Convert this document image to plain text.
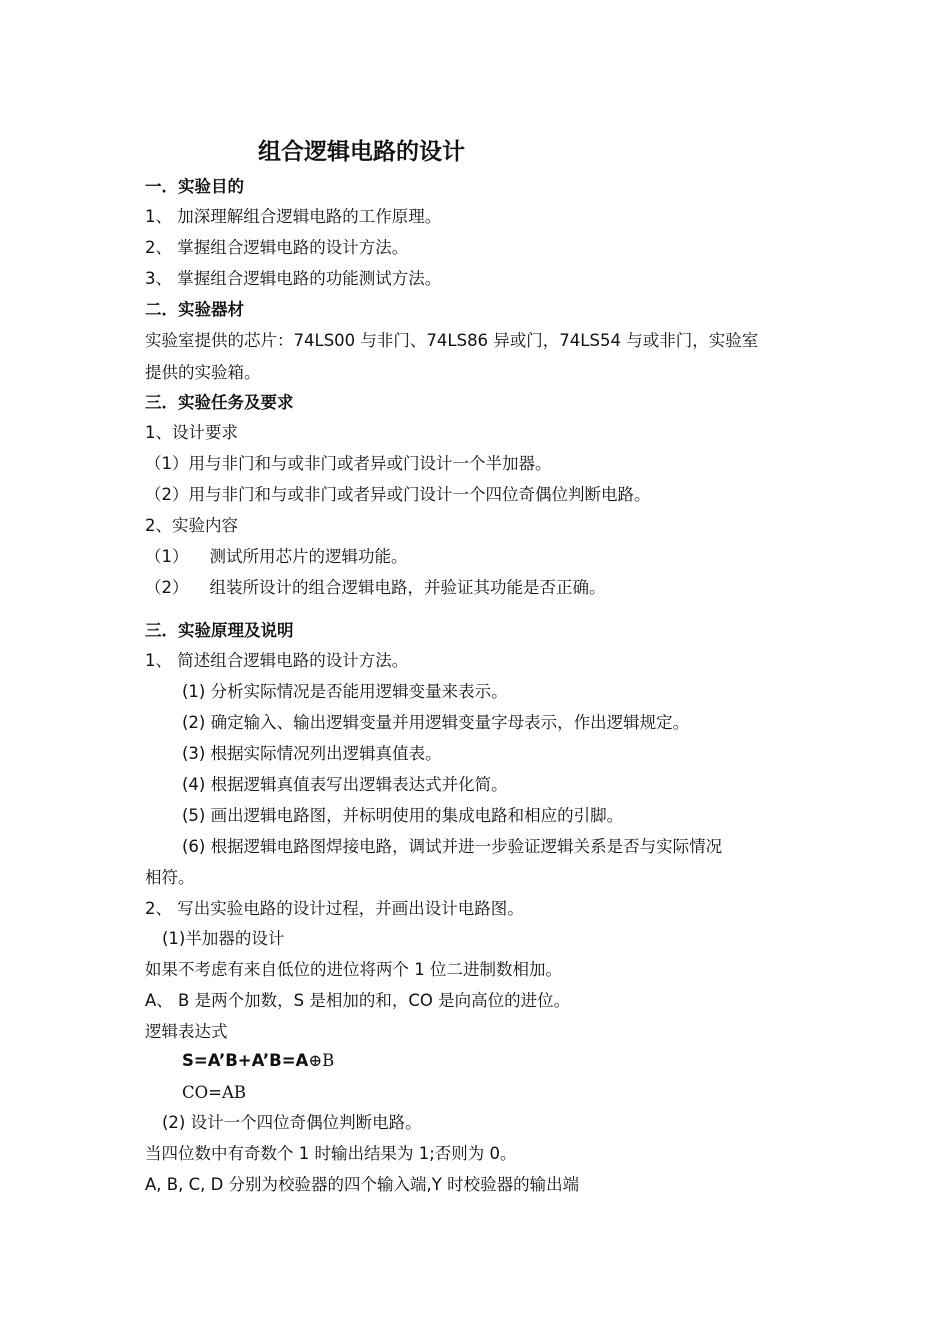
组合逻辑电路的设计
一．实验目的
1、 加深理解组合逻辑电路的工作原理。
2、 掌握组合逻辑电路的设计方法。
3、 掌握组合逻辑电路的功能测试方法。
二．实验器材
实验室提供的芯片：74LS00 与非门、74LS86 异或门，74LS54 与或非门，实验室
提供的实验箱。
三．实验任务及要求
1、设计要求
（1）用与非门和与或非门或者异或门设计一个半加器。
（2）用与非门和与或非门或者异或门设计一个四位奇偶位判断电路。
2、实验内容
（1）    测试所用芯片的逻辑功能。
（2）    组装所设计的组合逻辑电路，并验证其功能是否正确。
三．实验原理及说明
1、 简述组合逻辑电路的设计方法。
(1) 分析实际情况是否能用逻辑变量来表示。
(2) 确定输入、输出逻辑变量并用逻辑变量字母表示，作出逻辑规定。
(3) 根据实际情况列出逻辑真值表。
(4) 根据逻辑真值表写出逻辑表达式并化简。
(5) 画出逻辑电路图，并标明使用的集成电路和相应的引脚。
(6) 根据逻辑电路图焊接电路，调试并进一步验证逻辑关系是否与实际情况
相符。
2、 写出实验电路的设计过程，并画出设计电路图。
(1)半加器的设计
如果不考虑有来自低位的进位将两个 1 位二进制数相加。
A、 B 是两个加数，S 是相加的和，CO 是向高位的进位。
逻辑表达式
S=A’B+A’B=A⊕B
CO=AB
(2) 设计一个四位奇偶位判断电路。
当四位数中有奇数个 1 时输出结果为 1;否则为 0。
A, B, C, D 分别为校验器的四个输入端,Y 时校验器的输出端
